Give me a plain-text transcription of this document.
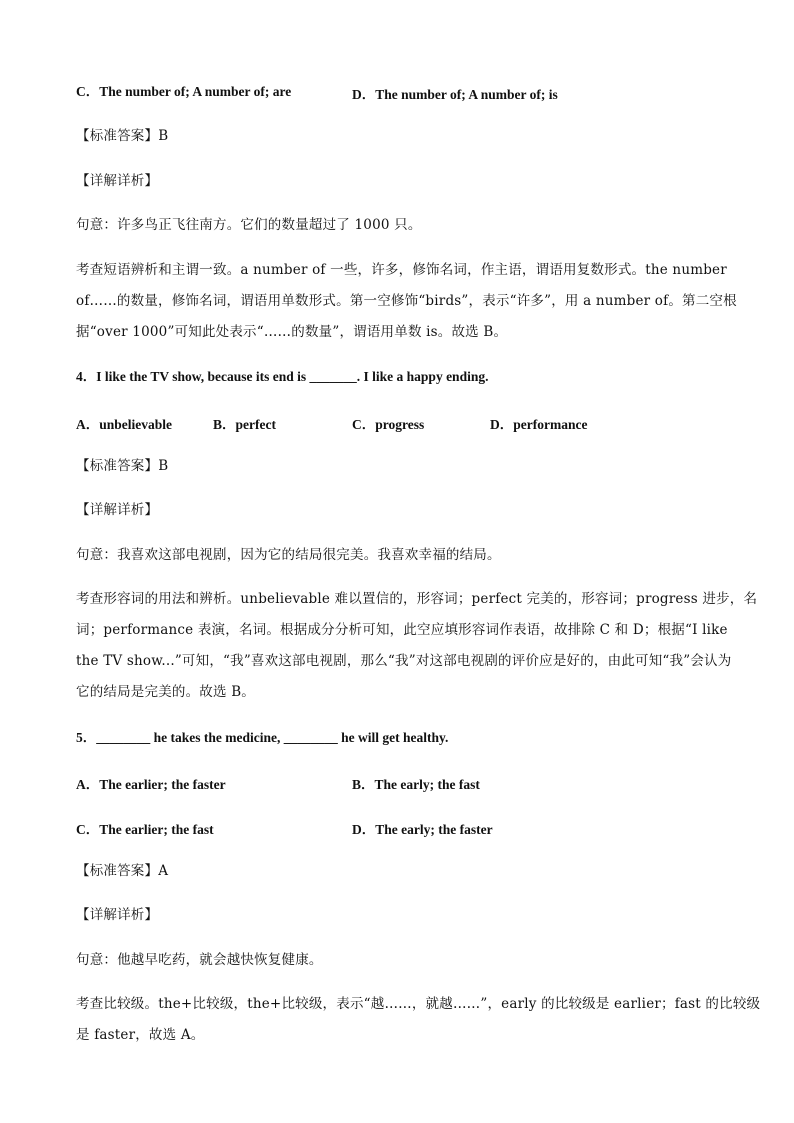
C．The number of; A number of; are	D．The number of; A number of; is
【标准答案】B
【详解详析】
句意：许多鸟正飞往南方。它们的数量超过了 1000 只。
考查短语辨析和主谓一致。a number of 一些，许多，修饰名词，作主语，谓语用复数形式。the number
of……的数量，修饰名词，谓语用单数形式。第一空修饰“birds”，表示“许多”，用 a number of。第二空根
据“over 1000”可知此处表示“……的数量”，谓语用单数 is。故选 B。
4．I like the TV show, because its end is _______. I like a happy ending.
A．unbelievable	B．perfect	C．progress	D．performance
【标准答案】B
【详解详析】
句意：我喜欢这部电视剧，因为它的结局很完美。我喜欢幸福的结局。
考查形容词的用法和辨析。unbelievable 难以置信的，形容词；perfect 完美的，形容词；progress 进步，名
词；performance 表演，名词。根据成分分析可知，此空应填形容词作表语，故排除 C 和 D；根据“I like
the TV show...”可知，“我”喜欢这部电视剧，那么“我”对这部电视剧的评价应是好的，由此可知“我”会认为
它的结局是完美的。故选 B。
5．________ he takes the medicine, ________ he will get healthy.
A．The earlier; the faster	B．The early; the fast
C．The earlier; the fast	D．The early; the faster
【标准答案】A
【详解详析】
句意：他越早吃药，就会越快恢复健康。
考查比较级。the+比较级，the+比较级，表示“越……，就越……”，early 的比较级是 earlier；fast 的比较级
是 faster，故选 A。
